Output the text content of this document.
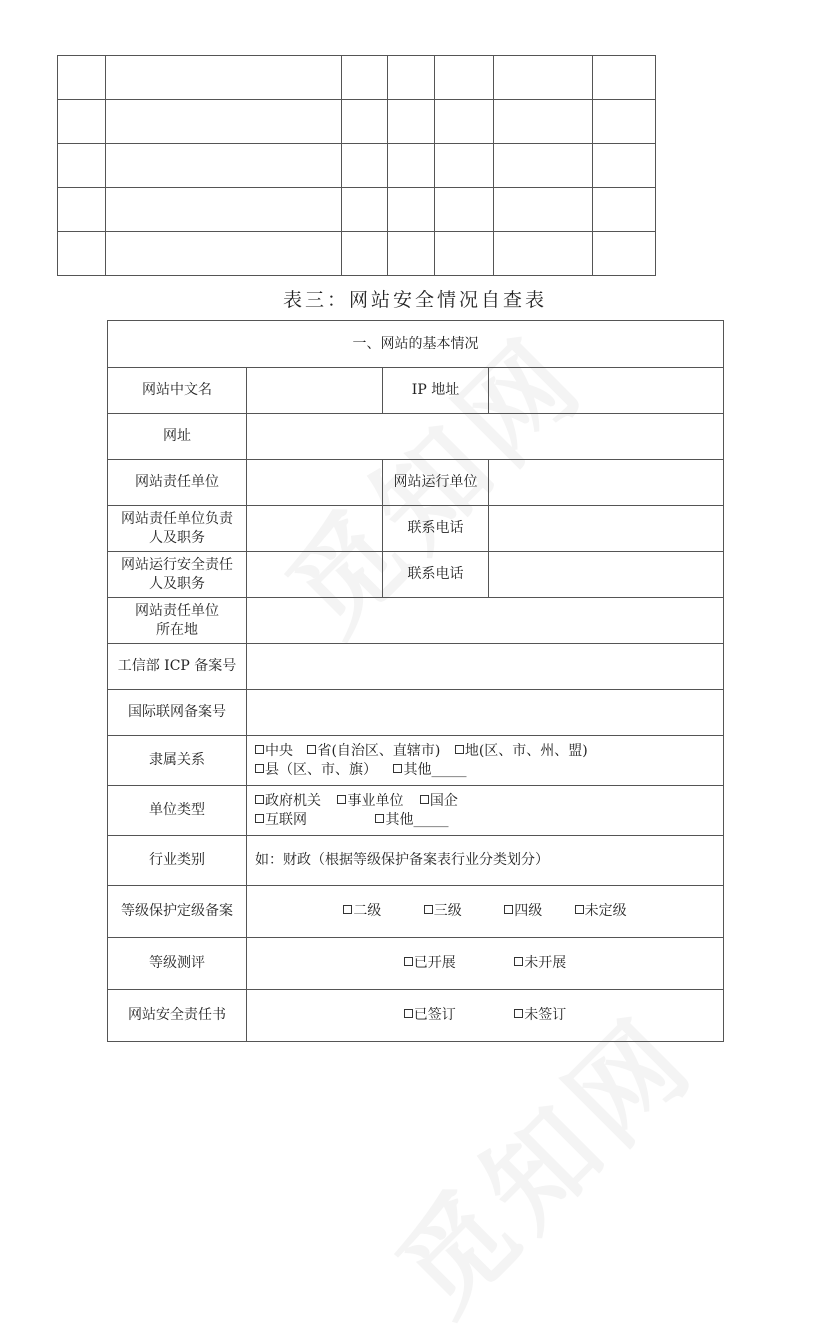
表三：网站安全情况自查表
一、网站的基本情况			
网站中文名		IP 地址	
网址			
网站责任单位		网站运行单位	
网站责任单位负责
人及职务		联系电话	
网站运行安全责任
人及职务		联系电话	
网站责任单位
所在地			
工信部 ICP 备案号			
国际联网备案号			
隶属关系	中央 省(自治区、直辖市) 地(区、市、州、盟)
县（区、市、旗） 其他_____		
单位类型	政府机关 事业单位 国企
互联网 其他_____		
行业类别	如：财政（根据等级保护备案表行业分类划分）		
等级保护定级备案	二级 三级 四级 未定级		
等级测评	已开展 未开展		
网站安全责任书	已签订 未签订		
